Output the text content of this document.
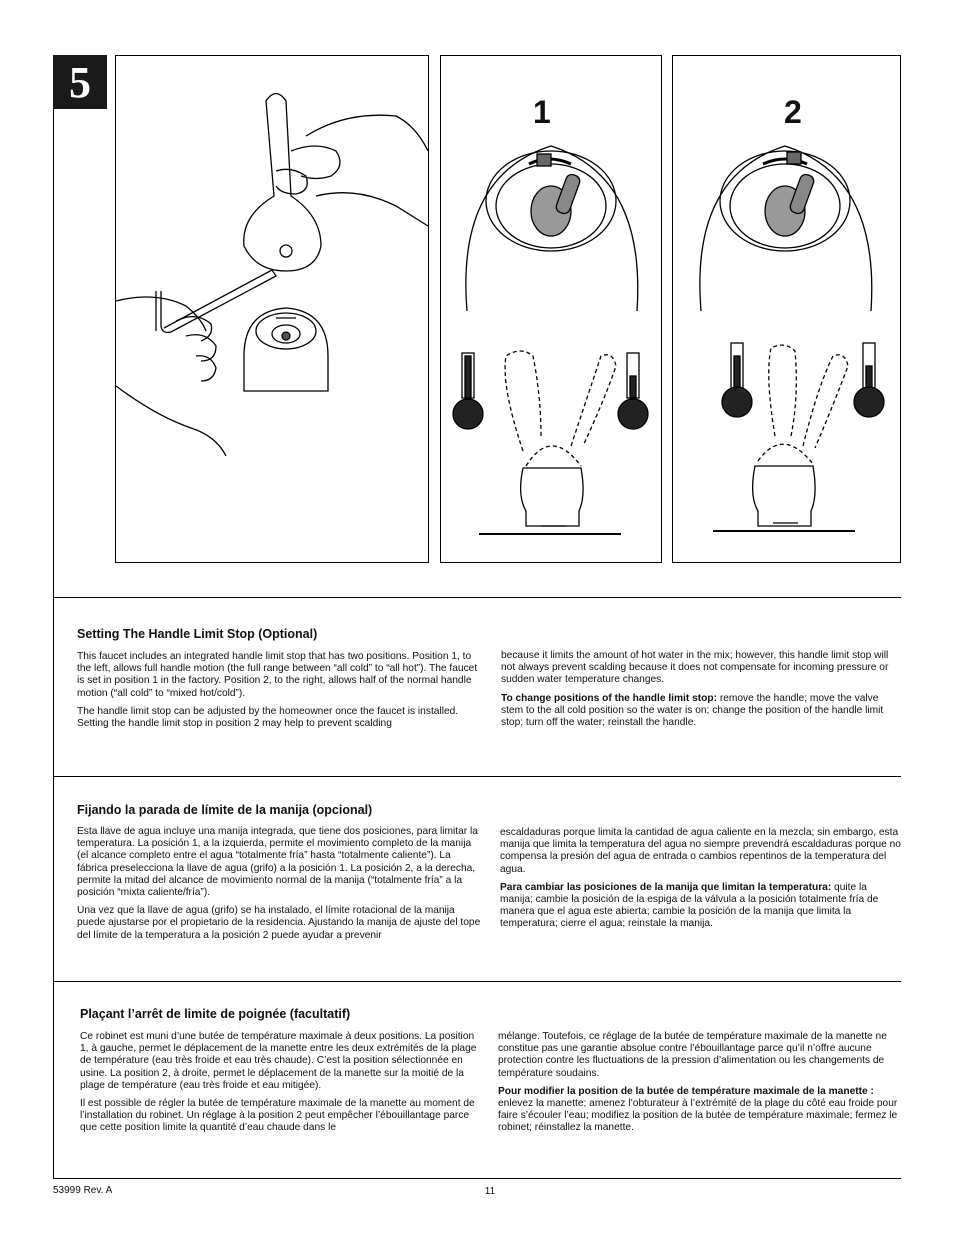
5
1	2
Setting The Handle Limit Stop (Optional)

This faucet includes an integrated handle limit stop that has two positions. Position 1, to the left, allows full handle motion (the full range between “all cold” to “all hot”). The faucet is set in position 1 in the factory. Position 2, to the right, allows half of the normal handle motion (“all cold” to “mixed hot/cold”).

The handle limit stop can be adjusted by the homeowner once the faucet is installed. Setting the handle limit stop in position 2 may help to prevent scalding

because it limits the amount of hot water in the mix; however, this handle limit stop will not always prevent scalding because it does not compensate for incoming pressure or sudden water temperature changes.

To change positions of the handle limit stop: remove the handle; move the valve stem to the all cold position so the water is on; change the position of the handle limit stop; turn off the water; reinstall the handle.

Fijando la parada de límite de la manija (opcional)

Esta llave de agua incluye una manija integrada, que tiene dos posiciones, para limitar la temperatura. La posición 1, a la izquierda, permite el movimiento completo de la manija (el alcance completo entre el agua “totalmente fría” hasta “totalmente caliente”). La fábrica preselecciona la llave de agua (grifo) a la posición 1. La posición 2, a la derecha, permite la mitad del alcance de movimiento normal de la manija (“totalmente fría” a la posición “mixta caliente/fría”).

Una vez que la llave de agua (grifo) se ha instalado, el límite rotacional de la manija puede ajustarse por el propietario de la residencia. Ajustando la manija de ajuste del tope del límite de la temperatura a la posición 2 puede ayudar a prevenir

escaldaduras porque limita la cantidad de agua caliente en la mezcla; sin embargo, esta manija que limita la temperatura del agua no siempre prevendrá escaldaduras porque no compensa la presión del agua de entrada o cambios repentinos de la temperatura del agua.

Para cambiar las posiciones de la manija que limitan la temperatura: quite la manija; cambie la posición de la espiga de la válvula a la posición totalmente fría de manera que el agua este abierta; cambie la posición de la manija que limita la temperatura; cierre el agua; reinstale la manija.

Plaçant l’arrêt de limite de poignée (facultatif)

Ce robinet est muni d’une butée de température maximale à deux positions. La position 1, à gauche, permet le déplacement de la manette entre les deux extrémités de la plage de température (eau très froide et eau très chaude). C’est la position sélectionnée en usine. La position 2, à droite, permet le déplacement de la manette sur la moitié de la plage de température (eau très froide et eau mitigée).

Il est possible de régler la butée de température maximale de la manette au moment de l’installation du robinet. Un réglage à la position 2 peut empêcher l’ébouillantage parce que cette position limite la quantité d’eau chaude dans le

mélange. Toutefois, ce réglage de la butée de température maximale de la manette ne constitue pas une garantie absolue contre l’ébouillantage parce qu’il n’offre aucune protection contre les fluctuations de la pression d’alimentation ou les changements de température soudains.

Pour modifier la position de la butée de température maximale de la manette : enlevez la manette; amenez l’obturateur à l’extrémité de la plage du côté eau froide pour faire s’écouler l’eau; modifiez la position de la butée de température maximale; fermez le robinet; réinstallez la manette.

53999 Rev. A	11
